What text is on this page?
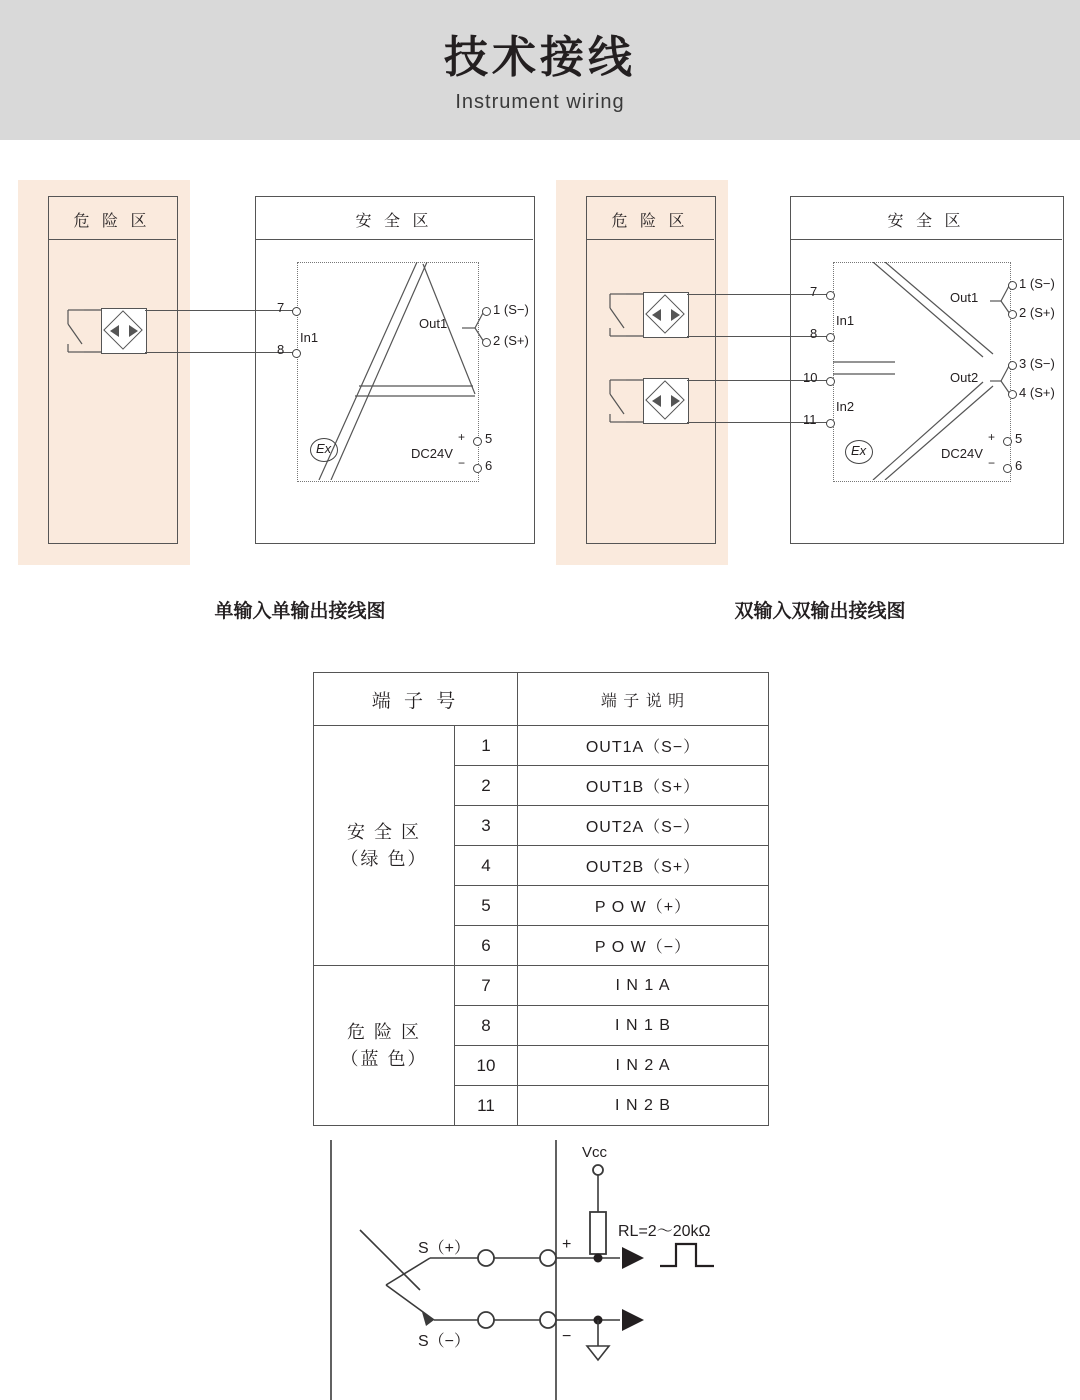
技术接线
Instrument wiring
危 险 区	安 全 区
Ex
7
8
In1
Out1
1 (S−)
2 (S+)
DC24V
+
−
5
6
单输入单输出接线图
危 险 区	安 全 区
Ex
7
8
10
11
In1
In2
Out1
1 (S−)
2 (S+)
Out2
3 (S−)
4 (S+)
DC24V
+
−
5
6
双输入双输出接线图
端 子 号		端 子 说 明

安 全 区
（绿 色）	1	OUT1A（S−）
	2	OUT1B（S+）
	3	OUT2A（S−）
	4	OUT2B（S+）
	5	P O W（+）
	6	P O W（−）

危 险 区
（蓝 色）	7	I N 1 A
	8	I N 1 B
	10	I N 2 A
	11	I N 2 B
Vcc
RL=2～20kΩ
S（+）
S（−）
+
−
